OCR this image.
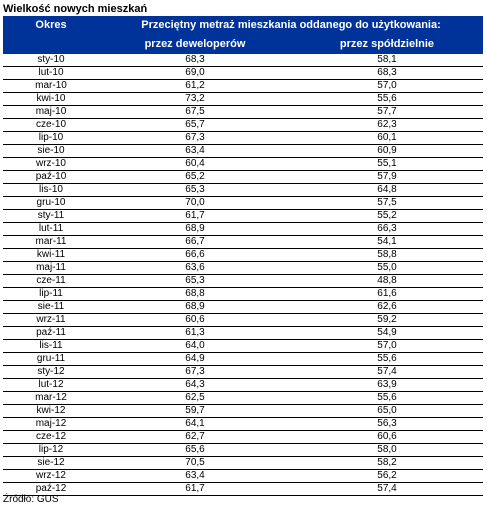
Wielkość nowych mieszkań
Okres	Przeciętny metraż mieszkania oddanego do użytkowania:	
	przez deweloperów	przez spółdzielnie
sty-10	68,3	58,1
lut-10	69,0	68,3
mar-10	61,2	57,0
kwi-10	73,2	55,6
maj-10	67,5	57,7
cze-10	65,7	62,3
lip-10	67,3	60,1
sie-10	63,4	60,9
wrz-10	60,4	55,1
paź-10	65,2	57,9
lis-10	65,3	64,8
gru-10	70,0	57,5
sty-11	61,7	55,2
lut-11	68,9	66,3
mar-11	66,7	54,1
kwi-11	66,6	58,8
maj-11	63,6	55,0
cze-11	65,3	48,8
lip-11	68,8	61,6
sie-11	68,9	62,6
wrz-11	60,6	59,2
paź-11	61,3	54,9
lis-11	64,0	57,0
gru-11	64,9	55,6
sty-12	67,3	57,4
lut-12	64,3	63,9
mar-12	62,5	55,6
kwi-12	59,7	65,0
maj-12	64,1	56,3
cze-12	62,7	60,6
lip-12	65,6	58,0
sie-12	70,5	58,2
wrz-12	63,4	56,2
paź-12	61,7	57,4
Źródło: GUS
